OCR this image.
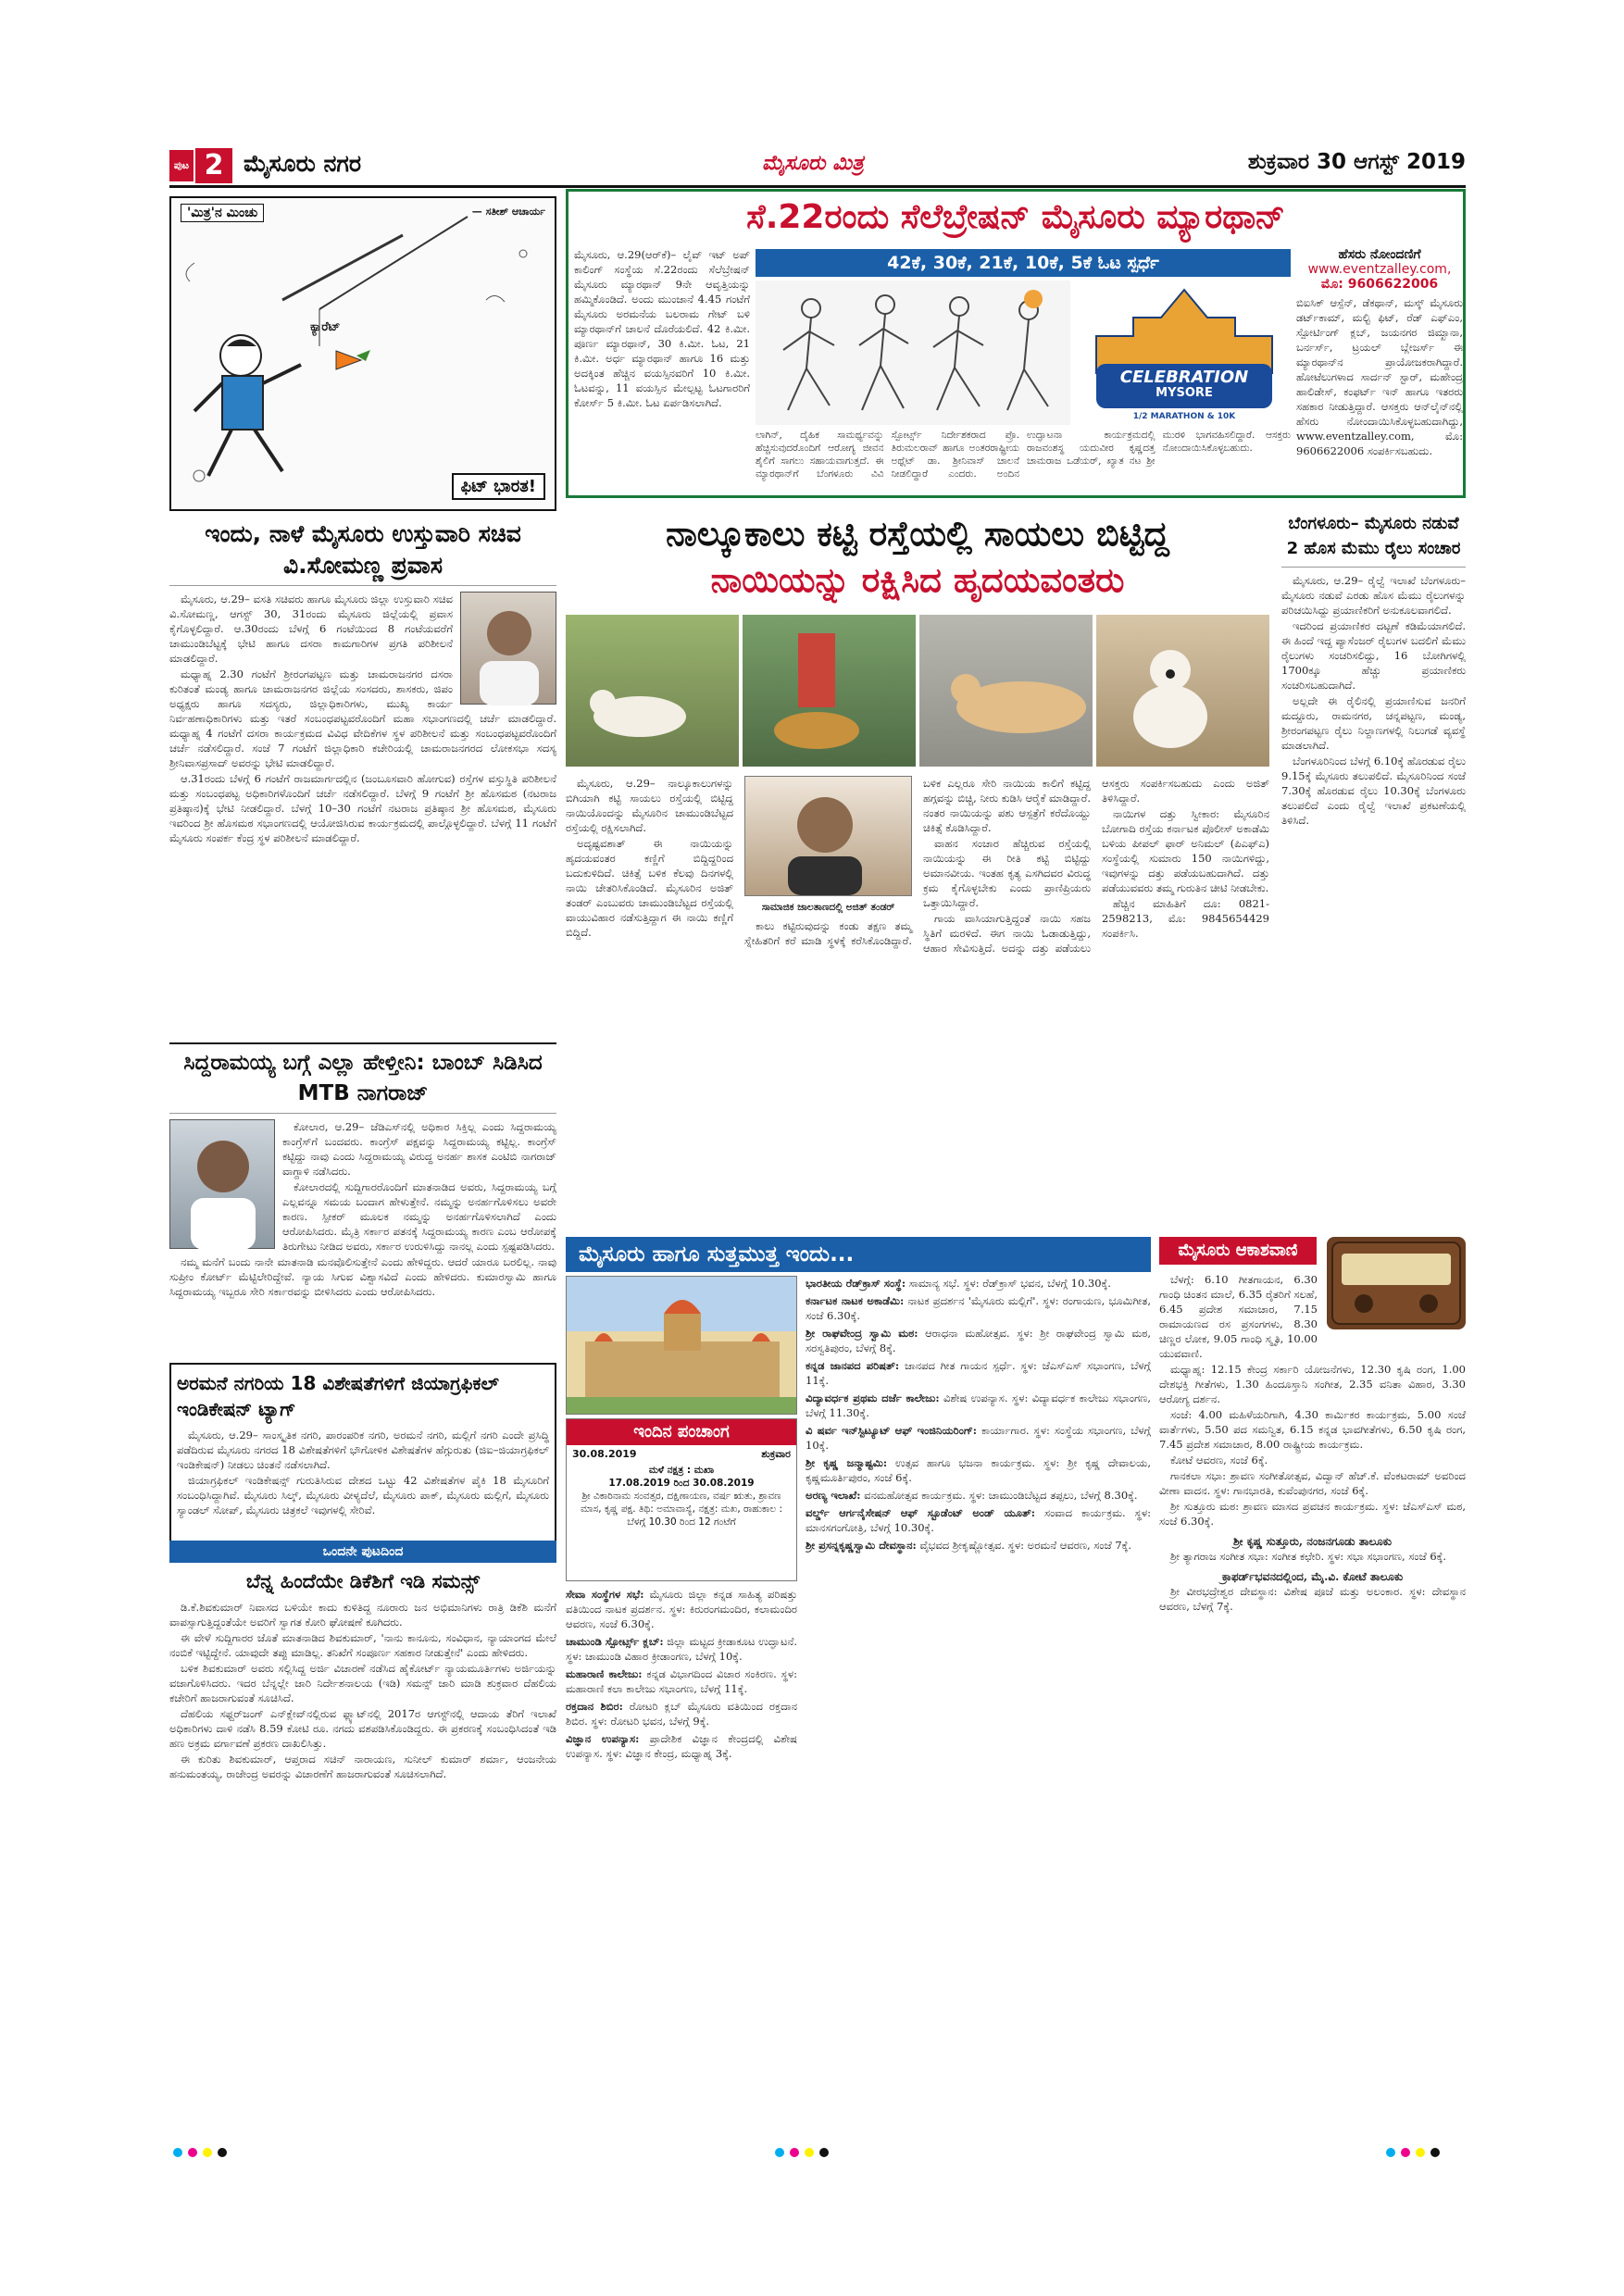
ಪುಟ 2 ಮೈಸೂರು ನಗರ	ಮೈಸೂರು ಮಿತ್ರ	ಶುಕ್ರವಾರ 30 ಆಗಸ್ಟ್ 2019
'ಮಿತ್ರ'ನ ಮಿಂಚು	— ಸತೀಶ್ ಆಚಾರ್ಯ
ಕ್ಯಾರೆಟ್
ಫಿಟ್ ಭಾರತ!
ಇಂದು, ನಾಳೆ ಮೈಸೂರು ಉಸ್ತುವಾರಿ ಸಚಿವ ವಿ.ಸೋಮಣ್ಣ ಪ್ರವಾಸ

ಮೈಸೂರು, ಆ.29– ವಸತಿ ಸಚಿವರು ಹಾಗೂ ಮೈಸೂರು ಜಿಲ್ಲಾ ಉಸ್ತುವಾರಿ ಸಚಿವ ವಿ.ಸೋಮಣ್ಣ, ಆಗಸ್ಟ್ 30, 31ರಂದು ಮೈಸೂರು ಜಿಲ್ಲೆಯಲ್ಲಿ ಪ್ರವಾಸ ಕೈಗೊಳ್ಳಲಿದ್ದಾರೆ. ಆ.30ರಂದು ಬೆಳಗ್ಗೆ 6 ಗಂಟೆಯಿಂದ 8 ಗಂಟೆಯವರೆಗೆ ಚಾಮುಂಡಿಬೆಟ್ಟಕ್ಕೆ ಭೇಟಿ ಹಾಗೂ ದಸರಾ ಕಾಮಗಾರಿಗಳ ಪ್ರಗತಿ ಪರಿಶೀಲನೆ ಮಾಡಲಿದ್ದಾರೆ.

ಮಧ್ಯಾಹ್ನ 2.30 ಗಂಟೆಗೆ ಶ್ರೀರಂಗಪಟ್ಟಣ ಮತ್ತು ಚಾಮರಾಜನಗರ ದಸರಾ ಕುರಿತಂತೆ ಮಂಡ್ಯ ಹಾಗೂ ಚಾಮರಾಜನಗರ ಜಿಲ್ಲೆಯ ಸಂಸದರು, ಶಾಸಕರು, ಜಿಪಂ ಅಧ್ಯಕ್ಷರು ಹಾಗೂ ಸದಸ್ಯರು, ಜಿಲ್ಲಾಧಿಕಾರಿಗಳು, ಮುಖ್ಯ ಕಾರ್ಯ ನಿರ್ವಹಣಾಧಿಕಾರಿಗಳು ಮತ್ತು ಇತರೆ ಸಂಬಂಧಪಟ್ಟವರೊಂದಿಗೆ ಮಹಾ ಸಭಾಂಗಣದಲ್ಲಿ ಚರ್ಚೆ ಮಾಡಲಿದ್ದಾರೆ. ಮಧ್ಯಾಹ್ನ 4 ಗಂಟೆಗೆ ದಸರಾ ಕಾರ್ಯಕ್ರಮದ ವಿವಿಧ ವೇದಿಕೆಗಳ ಸ್ಥಳ ಪರಿಶೀಲನೆ ಮತ್ತು ಸಂಬಂಧಪಟ್ಟವರೊಂದಿಗೆ ಚರ್ಚೆ ನಡೆಸಲಿದ್ದಾರೆ. ಸಂಜೆ 7 ಗಂಟೆಗೆ ಜಿಲ್ಲಾಧಿಕಾರಿ ಕಚೇರಿಯಲ್ಲಿ ಚಾಮರಾಜನಗರದ ಲೋಕಸಭಾ ಸದಸ್ಯ ಶ್ರೀನಿವಾಸಪ್ರಸಾದ್ ಅವರನ್ನು ಭೇಟಿ ಮಾಡಲಿದ್ದಾರೆ.

ಆ.31ರಂದು ಬೆಳಗ್ಗೆ 6 ಗಂಟೆಗೆ ರಾಜಮಾರ್ಗದಲ್ಲಿನ (ಜಂಬೂಸವಾರಿ ಹೋಗುವ) ರಸ್ತೆಗಳ ವಸ್ತುಸ್ಥಿತಿ ಪರಿಶೀಲನೆ ಮತ್ತು ಸಂಬಂಧಪಟ್ಟ ಅಧಿಕಾರಿಗಳೊಂದಿಗೆ ಚರ್ಚೆ ನಡೆಸಲಿದ್ದಾರೆ. ಬೆಳಗ್ಗೆ 9 ಗಂಟೆಗೆ ಶ್ರೀ ಹೊಸಮಠ (ನಟರಾಜ ಪ್ರತಿಷ್ಠಾನ)ಕ್ಕೆ ಭೇಟಿ ನೀಡಲಿದ್ದಾರೆ. ಬೆಳಗ್ಗೆ 10–30 ಗಂಟೆಗೆ ನಟರಾಜ ಪ್ರತಿಷ್ಠಾನ ಶ್ರೀ ಹೊಸಮಠ, ಮೈಸೂರು ಇವರಿಂದ ಶ್ರೀ ಹೊಸಮಠ ಸಭಾಂಗಣದಲ್ಲಿ ಆಯೋಜಿಸಿರುವ ಕಾರ್ಯಕ್ರಮದಲ್ಲಿ ಪಾಲ್ಗೊಳ್ಳಲಿದ್ದಾರೆ. ಬೆಳಗ್ಗೆ 11 ಗಂಟೆಗೆ ಮೈಸೂರು ಸಂಪರ್ಕ ಕೆಂದ್ರ ಸ್ಥಳ ಪರಿಶೀಲನೆ ಮಾಡಲಿದ್ದಾರೆ.

ಸಿದ್ದರಾಮಯ್ಯ ಬಗ್ಗೆ ಎಲ್ಲಾ ಹೇಳ್ತೀನಿ: ಬಾಂಬ್ ಸಿಡಿಸಿದ MTB ನಾಗರಾಜ್

ಕೋಲಾರ, ಆ.29– ಜೆಡಿಎಸ್‌ನಲ್ಲಿ ಅಧಿಕಾರ ಸಿಕ್ತಿಲ್ಲ ಎಂದು ಸಿದ್ದರಾಮಯ್ಯ ಕಾಂಗ್ರೆಸ್‌ಗೆ ಬಂದವರು. ಕಾಂಗ್ರೆಸ್ ಪಕ್ಷವನ್ನು ಸಿದ್ದರಾಮಯ್ಯ ಕಟ್ಟಿಲ್ಲ. ಕಾಂಗ್ರೆಸ್ ಕಟ್ಟಿದ್ದು ನಾವು ಎಂದು ಸಿದ್ದರಾಮಯ್ಯ ವಿರುದ್ಧ ಅನರ್ಹ ಶಾಸಕ ಎಂಟಿಬಿ ನಾಗರಾಜ್ ವಾಗ್ದಾಳಿ ನಡೆಸಿದರು.

ಕೋಲಾರದಲ್ಲಿ ಸುದ್ದಿಗಾರರೊಂದಿಗೆ ಮಾತನಾಡಿದ ಅವರು, ಸಿದ್ದರಾಮಯ್ಯ ಬಗ್ಗೆ ಎಲ್ಲವನ್ನೂ ಸಮಯ ಬಂದಾಗ ಹೇಳುತ್ತೇನೆ. ನಮ್ಮನ್ನು ಅನರ್ಹಗೊಳಿಸಲು ಅವರೇ ಕಾರಣ. ಸ್ಪೀಕರ್ ಮೂಲಕ ನಮ್ಮನ್ನು ಅನರ್ಹಗೊಳಿಸಲಾಗಿದೆ ಎಂದು ಆರೋಪಿಸಿದರು. ಮೈತ್ರಿ ಸರ್ಕಾರ ಪತನಕ್ಕೆ ಸಿದ್ದರಾಮಯ್ಯ ಕಾರಣ ಎಂಬ ಆರೋಪಕ್ಕೆ ತಿರುಗೇಟು ನೀಡಿದ ಅವರು, ಸರ್ಕಾರ ಉರುಳಿಸಿದ್ದು ನಾನಲ್ಲ ಎಂದು ಸ್ಪಷ್ಟಪಡಿಸಿದರು.

ನಮ್ಮ ಮನೆಗೆ ಬಂದು ನಾನೇ ಮಾತನಾಡಿ ಮನವೊಲಿಸುತ್ತೇನೆ ಎಂದು ಹೇಳಿದ್ದರು. ಆದರೆ ಯಾರೂ ಬರಲಿಲ್ಲ. ನಾವು ಸುಪ್ರೀಂ ಕೋರ್ಟ್ ಮೆಟ್ಟಿಲೇರಿದ್ದೇವೆ. ನ್ಯಾಯ ಸಿಗುವ ವಿಶ್ವಾಸವಿದೆ ಎಂದು ಹೇಳಿದರು. ಕುಮಾರಸ್ವಾಮಿ ಹಾಗೂ ಸಿದ್ದರಾಮಯ್ಯ ಇಬ್ಬರೂ ಸೇರಿ ಸರ್ಕಾರವನ್ನು ಬೀಳಿಸಿದರು ಎಂದು ಆರೋಪಿಸಿದರು.

ಅರಮನೆ ನಗರಿಯ 18 ವಿಶೇಷತೆಗಳಿಗೆ ಜಿಯಾಗ್ರಫಿಕಲ್ ಇಂಡಿಕೇಷನ್ ಟ್ಯಾಗ್

ಮೈಸೂರು, ಆ.29– ಸಾಂಸ್ಕೃತಿಕ ನಗರಿ, ಪಾರಂಪರಿಕ ನಗರಿ, ಅರಮನೆ ನಗರಿ, ಮಲ್ಲಿಗೆ ನಗರಿ ಎಂದೇ ಪ್ರಸಿದ್ಧಿ ಪಡೆದಿರುವ ಮೈಸೂರು ನಗರದ 18 ವಿಶೇಷತೆಗಳಿಗೆ ಭೌಗೋಳಿಕ ವಿಶೇಷತೆಗಳ ಹೆಗ್ಗುರುತು (ಜಿಐ–ಜಿಯಾಗ್ರಫಿಕಲ್ ಇಂಡಿಕೇಷನ್) ನೀಡಲು ಚಿಂತನೆ ನಡೆಸಲಾಗಿದೆ.

ಜಿಯಾಗ್ರಫಿಕಲ್ ಇಂಡಿಕೇಷನ್ಸ್ ಗುರುತಿಸಿರುವ ದೇಶದ ಒಟ್ಟು 42 ವಿಶೇಷತೆಗಳ ಪೈಕಿ 18 ಮೈಸೂರಿಗೆ ಸಂಬಂಧಿಸಿದ್ದಾಗಿವೆ. ಮೈಸೂರು ಸಿಲ್ಕ್, ಮೈಸೂರು ವೀಳ್ಯದೆಲೆ, ಮೈಸೂರು ಪಾಕ್, ಮೈಸೂರು ಮಲ್ಲಿಗೆ, ಮೈಸೂರು ಸ್ಯಾಂಡಲ್ ಸೋಪ್, ಮೈಸೂರು ಚಿತ್ರಕಲೆ ಇವುಗಳಲ್ಲಿ ಸೇರಿವೆ.

ಒಂದನೇ ಪುಟದಿಂದ
ಬೆನ್ನ ಹಿಂದೆಯೇ ಡಿಕೆಶಿಗೆ ಇಡಿ ಸಮನ್ಸ್

ಡಿ.ಕೆ.ಶಿವಕುಮಾರ್ ನಿವಾಸದ ಬಳಿಯೇ ಕಾದು ಕುಳಿತಿದ್ದ ನೂರಾರು ಜನ ಅಭಿಮಾನಿಗಳು ರಾತ್ರಿ ಡಿಕೆಶಿ ಮನೆಗೆ ವಾಪಸ್ಸಾಗುತ್ತಿದ್ದಂತೆಯೇ ಅವರಿಗೆ ಸ್ವಾಗತ ಕೋರಿ ಘೋಷಣೆ ಕೂಗಿದರು.

ಈ ವೇಳೆ ಸುದ್ದಿಗಾರರ ಜೊತೆ ಮಾತನಾಡಿದ ಶಿವಕುಮಾರ್, 'ನಾನು ಕಾನೂನು, ಸಂವಿಧಾನ, ನ್ಯಾಯಾಂಗದ ಮೇಲೆ ನಂಬಿಕೆ ಇಟ್ಟಿದ್ದೇನೆ. ಯಾವುದೇ ತಪ್ಪು ಮಾಡಿಲ್ಲ. ತನಿಖೆಗೆ ಸಂಪೂರ್ಣ ಸಹಕಾರ ನೀಡುತ್ತೇನೆ' ಎಂದು ಹೇಳಿದರು.

ಬಳಿಕ ಶಿವಕುಮಾರ್ ಅವರು ಸಲ್ಲಿಸಿದ್ದ ಅರ್ಜಿ ವಿಚಾರಣೆ ನಡೆಸಿದ ಹೈಕೋರ್ಟ್ ನ್ಯಾಯಮೂರ್ತಿಗಳು ಅರ್ಜಿಯನ್ನು ವಜಾಗೊಳಿಸಿದರು. ಇದರ ಬೆನ್ನಲ್ಲೇ ಜಾರಿ ನಿರ್ದೇಶನಾಲಯ (ಇಡಿ) ಸಮನ್ಸ್ ಜಾರಿ ಮಾಡಿ ಶುಕ್ರವಾರ ದೆಹಲಿಯ ಕಚೇರಿಗೆ ಹಾಜರಾಗುವಂತೆ ಸೂಚಿಸಿದೆ.

ದೆಹಲಿಯ ಸಫ್ದರ್‌ಜಂಗ್ ಎನ್‌ಕ್ಲೇವ್‌ನಲ್ಲಿರುವ ಫ್ಲ್ಯಾಟ್‌ನಲ್ಲಿ 2017ರ ಆಗಸ್ಟ್‌ನಲ್ಲಿ ಆದಾಯ ತೆರಿಗೆ ಇಲಾಖೆ ಅಧಿಕಾರಿಗಳು ದಾಳಿ ನಡೆಸಿ 8.59 ಕೋಟಿ ರೂ. ನಗದು ವಶಪಡಿಸಿಕೊಂಡಿದ್ದರು. ಈ ಪ್ರಕರಣಕ್ಕೆ ಸಂಬಂಧಿಸಿದಂತೆ ಇಡಿ ಹಣ ಅಕ್ರಮ ವರ್ಗಾವಣೆ ಪ್ರಕರಣ ದಾಖಲಿಸಿತ್ತು.

ಈ ಕುರಿತು ಶಿವಕುಮಾರ್, ಆಪ್ತರಾದ ಸಚಿನ್ ನಾರಾಯಣ, ಸುನೀಲ್ ಕುಮಾರ್ ಶರ್ಮಾ, ಆಂಜನೇಯ ಹನುಮಂತಯ್ಯ, ರಾಜೇಂದ್ರ ಅವರನ್ನು ವಿಚಾರಣೆಗೆ ಹಾಜರಾಗುವಂತೆ ಸೂಚಿಸಲಾಗಿದೆ.

ಸೆ.22ರಂದು ಸೆಲೆಬ್ರೇಷನ್ ಮೈಸೂರು ಮ್ಯಾರಥಾನ್
ಮೈಸೂರು, ಆ.29(ಆರ್‌ಕೆ)– ಲೈವ್ ಇಟ್ ಅಪ್ ಕಾಲಿಂಗ್ ಸಂಸ್ಥೆಯ ಸೆ.22ರಂದು ಸೆಲೆಬ್ರೇಷನ್ ಮೈಸೂರು ಮ್ಯಾರಥಾನ್ 9ನೇ ಆವೃತ್ತಿಯನ್ನು ಹಮ್ಮಿಕೊಂಡಿದೆ. ಅಂದು ಮುಂಜಾನೆ 4.45 ಗಂಟೆಗೆ ಮೈಸೂರು ಅರಮನೆಯ ಬಲರಾಮ ಗೇಟ್ ಬಳಿ ಮ್ಯಾರಥಾನ್‌ಗೆ ಚಾಲನೆ ದೊರೆಯಲಿದೆ. 42 ಕಿ.ಮೀ. ಪೂರ್ಣ ಮ್ಯಾರಥಾನ್, 30 ಕಿ.ಮೀ. ಓಟ, 21 ಕಿ.ಮೀ. ಅರ್ಧ ಮ್ಯಾರಥಾನ್ ಹಾಗೂ 16 ಮತ್ತು ಅದಕ್ಕಿಂತ ಹೆಚ್ಚಿನ ವಯಸ್ಸಿನವರಿಗೆ 10 ಕಿ.ಮೀ. ಓಟವನ್ನು, 11 ವಯಸ್ಸಿನ ಮೇಲ್ಪಟ್ಟ ಓಟಗಾರರಿಗೆ ಕೋರ್ಸ್ 5 ಕಿ.ಮೀ. ಓಟ ಏರ್ಪಡಿಸಲಾಗಿದೆ.
42ಕೆ, 30ಕೆ, 21ಕೆ, 10ಕೆ, 5ಕೆ ಓಟ ಸ್ಪರ್ಧೆ
CELEBRATION
MYSORE
1/2 MARATHON & 10K
ಲಾಗಿನ್, ದೈಹಿಕ ಸಾಮರ್ಥ್ಯವನ್ನು ಹೆಚ್ಚಿಸುವುದರೊಂದಿಗೆ ಆರೋಗ್ಯ ಜೀವನ ಶೈಲಿಗೆ ಸಾಗಲು ಸಹಾಯವಾಗುತ್ತದೆ. ಈ ಮ್ಯಾರಥಾನ್‌ಗೆ ಬೆಂಗಳೂರು ವಿವಿ ಸ್ಪೋರ್ಟ್ಸ್ ನಿರ್ದೇಶಕರಾದ ಪ್ರೊ. ತಿರುಮಲರಾವ್ ಹಾಗೂ ಅಂತರರಾಷ್ಟ್ರೀಯ ಅಥ್ಲೆಟ್ ಡಾ. ಶ್ರೀನಿವಾಸ್ ಚಾಲನೆ ನೀಡಲಿದ್ದಾರೆ ಎಂದರು. ಅಂದಿನ ಉದ್ಘಾಟನಾ ಕಾರ್ಯಕ್ರಮದಲ್ಲಿ ರಾಜವಂಶಸ್ಥ ಯದುವೀರ ಕೃಷ್ಣದತ್ತ ಚಾಮರಾಜ ಒಡೆಯರ್, ಖ್ಯಾತ ನಟ ಶ್ರೀ ಮುರಳಿ ಭಾಗವಹಿಸಲಿದ್ದಾರೆ. ಆಸಕ್ತರು ನೋಂದಾಯಿಸಿಕೊಳ್ಳಬಹುದು.
ಹೆಸರು ನೋಂದಣಿಗೆ
www.eventzalley.com,
ಮೊ: 9606622006
ಬಿಐಸಿಕ್ ಆಸ್ಪೆನ್, ಡೆಕಥಾನ್, ಮಸ್ಕ್ ಮೈಸೂರು ಡರ್ಟ್‌ಕಾಮ್, ಮಲ್ಟಿ ಫಿಟ್, ರೆಡ್ ಎಫ್ಎಂ, ಸ್ಪೋರ್ಟಿಂಗ್ ಕ್ಲಬ್, ಜಯನಗರ ಜಿಮ್ಖಾನಾ, ಬರ್ನರ್ಸ್, ಟ್ರಯಲ್ ಬ್ಲೇಜರ್ಸ್ ಈ ಮ್ಯಾರಥಾನ್‌ನ ಪ್ರಾಯೋಜಕರಾಗಿದ್ದಾರೆ. ಹೋಟೆಲುಗಳಾದ ಸಾರ್ದನ್ ಸ್ಟಾರ್, ಮಹೇಂದ್ರ ಹಾಲಿಡೇಸ್, ಕಂಫರ್ಟ್ ಇನ್ ಹಾಗೂ ಇತರರು ಸಹಕಾರ ನೀಡುತ್ತಿದ್ದಾರೆ. ಆಸಕ್ತರು ಆನ್‌ಲೈನ್‌ನಲ್ಲಿ ಹೆಸರು ನೋಂದಾಯಿಸಿಕೊಳ್ಳಬಹುದಾಗಿದ್ದು, www.eventzalley.com, ಮೊ: 9606622006 ಸಂಪರ್ಕಿಸಬಹುದು.
ನಾಲ್ಕೂಕಾಲು ಕಟ್ಟಿ ರಸ್ತೆಯಲ್ಲಿ ಸಾಯಲು ಬಿಟ್ಟಿದ್ದ
ನಾಯಿಯನ್ನು ರಕ್ಷಿಸಿದ ಹೃದಯವಂತರು

ಮೈಸೂರು, ಆ.29– ನಾಲ್ಕೂಕಾಲುಗಳನ್ನು ಬಿಗಿಯಾಗಿ ಕಟ್ಟಿ ಸಾಯಲು ರಸ್ತೆಯಲ್ಲಿ ಬಿಟ್ಟಿದ್ದ ನಾಯಿಯೊಂದನ್ನು ಮೈಸೂರಿನ ಚಾಮುಂಡಿಬೆಟ್ಟದ ರಸ್ತೆಯಲ್ಲಿ ರಕ್ಷಿಸಲಾಗಿದೆ.

ಅದೃಷ್ಟವಶಾತ್ ಈ ನಾಯಿಯನ್ನು ಹೃದಯವಂತರ ಕಣ್ಣಿಗೆ ಬಿದ್ದಿದ್ದರಿಂದ ಬದುಕುಳಿದಿದೆ. ಚಿಕಿತ್ಸೆ ಬಳಿಕ ಕೆಲವು ದಿನಗಳಲ್ಲಿ ನಾಯಿ ಚೇತರಿಸಿಕೊಂಡಿದೆ. ಮೈಸೂರಿನ ಅಜಿತ್ ತಂಡರ್ ಎಂಬುವರು ಚಾಮುಂಡಿಬೆಟ್ಟದ ರಸ್ತೆಯಲ್ಲಿ ವಾಯುವಿಹಾರ ನಡೆಸುತ್ತಿದ್ದಾಗ ಈ ನಾಯಿ ಕಣ್ಣಿಗೆ ಬಿದ್ದಿದೆ.

ಸಾಮಾಜಿಕ ಜಾಲತಾಣದಲ್ಲಿ ಅಜಿತ್ ತಂಡರ್

ಕಾಲು ಕಟ್ಟಿರುವುದನ್ನು ಕಂಡು ತಕ್ಷಣ ತಮ್ಮ ಸ್ನೇಹಿತರಿಗೆ ಕರೆ ಮಾಡಿ ಸ್ಥಳಕ್ಕೆ ಕರೆಸಿಕೊಂಡಿದ್ದಾರೆ. ಬಳಿಕ ಎಲ್ಲರೂ ಸೇರಿ ನಾಯಿಯ ಕಾಲಿಗೆ ಕಟ್ಟಿದ್ದ ಹಗ್ಗವನ್ನು ಬಿಚ್ಚಿ, ನೀರು ಕುಡಿಸಿ ಆರೈಕೆ ಮಾಡಿದ್ದಾರೆ. ನಂತರ ನಾಯಿಯನ್ನು ಪಶು ಆಸ್ಪತ್ರೆಗೆ ಕರೆದೊಯ್ದು ಚಿಕಿತ್ಸೆ ಕೊಡಿಸಿದ್ದಾರೆ.

ವಾಹನ ಸಂಚಾರ ಹೆಚ್ಚಿರುವ ರಸ್ತೆಯಲ್ಲಿ ನಾಯಿಯನ್ನು ಈ ರೀತಿ ಕಟ್ಟಿ ಬಿಟ್ಟಿದ್ದು ಅಮಾನವೀಯ. ಇಂತಹ ಕೃತ್ಯ ಎಸಗಿದವರ ವಿರುದ್ಧ ಕ್ರಮ ಕೈಗೊಳ್ಳಬೇಕು ಎಂದು ಪ್ರಾಣಿಪ್ರಿಯರು ಒತ್ತಾಯಿಸಿದ್ದಾರೆ.

ಗಾಯ ವಾಸಿಯಾಗುತ್ತಿದ್ದಂತೆ ನಾಯಿ ಸಹಜ ಸ್ಥಿತಿಗೆ ಮರಳಿದೆ. ಈಗ ನಾಯಿ ಓಡಾಡುತ್ತಿದ್ದು, ಆಹಾರ ಸೇವಿಸುತ್ತಿದೆ. ಅದನ್ನು ದತ್ತು ಪಡೆಯಲು ಆಸಕ್ತರು ಸಂಪರ್ಕಿಸಬಹುದು ಎಂದು ಅಜಿತ್ ತಿಳಿಸಿದ್ದಾರೆ.

ನಾಯಿಗಳ ದತ್ತು ಸ್ವೀಕಾರ: ಮೈಸೂರಿನ ಬೋಗಾದಿ ರಸ್ತೆಯ ಕರ್ನಾಟಕ ಪೊಲೀಸ್ ಅಕಾಡೆಮಿ ಬಳಿಯ ಪೀಪಲ್ ಫಾರ್ ಅನಿಮಲ್ (ಪಿಎಫ್ಎ) ಸಂಸ್ಥೆಯಲ್ಲಿ ಸುಮಾರು 150 ನಾಯಿಗಳಿದ್ದು, ಇವುಗಳನ್ನು ದತ್ತು ಪಡೆಯಬಹುದಾಗಿದೆ. ದತ್ತು ಪಡೆಯುವವರು ತಮ್ಮ ಗುರುತಿನ ಚೀಟಿ ನೀಡಬೇಕು.

ಹೆಚ್ಚಿನ ಮಾಹಿತಿಗೆ ದೂ: 0821-2598213, ಮೊ: 9845654429 ಸಂಪರ್ಕಿಸಿ.

ಬೆಂಗಳೂರು– ಮೈಸೂರು ನಡುವೆ 2 ಹೊಸ ಮೆಮು ರೈಲು ಸಂಚಾರ

ಮೈಸೂರು, ಆ.29– ರೈಲ್ವೆ ಇಲಾಖೆ ಬೆಂಗಳೂರು–ಮೈಸೂರು ನಡುವೆ ಎರಡು ಹೊಸ ಮೆಮು ರೈಲುಗಳನ್ನು ಪರಿಚಯಿಸಿದ್ದು ಪ್ರಯಾಣಿಕರಿಗೆ ಅನುಕೂಲವಾಗಲಿದೆ.

ಇದರಿಂದ ಪ್ರಯಾಣಿಕರ ದಟ್ಟಣೆ ಕಡಿಮೆಯಾಗಲಿದೆ. ಈ ಹಿಂದೆ ಇದ್ದ ಪ್ಯಾಸೆಂಜರ್ ರೈಲುಗಳ ಬದಲಿಗೆ ಮೆಮು ರೈಲುಗಳು ಸಂಚರಿಸಲಿದ್ದು, 16 ಬೋಗಿಗಳಲ್ಲಿ 1700ಕ್ಕೂ ಹೆಚ್ಚು ಪ್ರಯಾಣಿಕರು ಸಂಚರಿಸಬಹುದಾಗಿದೆ.

ಅಲ್ಲದೇ ಈ ರೈಲಿನಲ್ಲಿ ಪ್ರಯಾಣಿಸುವ ಜನರಿಗೆ ಮದ್ದೂರು, ರಾಮನಗರ, ಚನ್ನಪಟ್ಟಣ, ಮಂಡ್ಯ, ಶ್ರೀರಂಗಪಟ್ಟಣ ರೈಲು ನಿಲ್ದಾಣಗಳಲ್ಲಿ ನಿಲುಗಡೆ ವ್ಯವಸ್ಥೆ ಮಾಡಲಾಗಿದೆ.

ಬೆಂಗಳೂರಿನಿಂದ ಬೆಳಗ್ಗೆ 6.10ಕ್ಕೆ ಹೊರಡುವ ರೈಲು 9.15ಕ್ಕೆ ಮೈಸೂರು ತಲುಪಲಿದೆ. ಮೈಸೂರಿನಿಂದ ಸಂಜೆ 7.30ಕ್ಕೆ ಹೊರಡುವ ರೈಲು 10.30ಕ್ಕೆ ಬೆಂಗಳೂರು ತಲುಪಲಿದೆ ಎಂದು ರೈಲ್ವೆ ಇಲಾಖೆ ಪ್ರಕಟಣೆಯಲ್ಲಿ ತಿಳಿಸಿದೆ.

ಮೈಸೂರು ಹಾಗೂ ಸುತ್ತಮುತ್ತ ಇಂದು...
ಇಂದಿನ ಪಂಚಾಂಗ
30.08.2019	ಶುಕ್ರವಾರ
ಮಳೆ ನಕ್ಷತ್ರ : ಮಖಾ
17.08.2019 ರಿಂದ 30.08.2019
ಶ್ರೀ ವಿಕಾರಿನಾಮ ಸಂವತ್ಸರ, ದಕ್ಷಿಣಾಯಣ, ವರ್ಷ ಋತು, ಶ್ರಾವಣ ಮಾಸ, ಕೃಷ್ಣ ಪಕ್ಷ. ತಿಥಿ: ಅಮಾವಾಸ್ಯೆ, ನಕ್ಷತ್ರ: ಮಖ, ರಾಹುಕಾಲ : ಬೆಳಗ್ಗೆ 10.30 ರಿಂದ 12 ಗಂಟೆಗೆ
ಸೇವಾ ಸಂಸ್ಥೆಗಳ ಸಭೆ: ಮೈಸೂರು ಜಿಲ್ಲಾ ಕನ್ನಡ ಸಾಹಿತ್ಯ ಪರಿಷತ್ತು ವತಿಯಿಂದ ನಾಟಕ ಪ್ರದರ್ಶನ. ಸ್ಥಳ: ಕಿರುರಂಗಮಂದಿರ, ಕಲಾಮಂದಿರ ಆವರಣ, ಸಂಜೆ 6.30ಕ್ಕೆ.
ಚಾಮುಂಡಿ ಸ್ಪೋರ್ಟ್ಸ್ ಕ್ಲಬ್: ಜಿಲ್ಲಾ ಮಟ್ಟದ ಕ್ರೀಡಾಕೂಟ ಉದ್ಘಾಟನೆ. ಸ್ಥಳ: ಚಾಮುಂಡಿ ವಿಹಾರ ಕ್ರೀಡಾಂಗಣ, ಬೆಳಗ್ಗೆ 10ಕ್ಕೆ.
ಮಹಾರಾಣಿ ಕಾಲೇಜು: ಕನ್ನಡ ವಿಭಾಗದಿಂದ ವಿಚಾರ ಸಂಕಿರಣ. ಸ್ಥಳ: ಮಹಾರಾಣಿ ಕಲಾ ಕಾಲೇಜು ಸಭಾಂಗಣ, ಬೆಳಗ್ಗೆ 11ಕ್ಕೆ.
ರಕ್ತದಾನ ಶಿಬಿರ: ರೋಟರಿ ಕ್ಲಬ್ ಮೈಸೂರು ವತಿಯಿಂದ ರಕ್ತದಾನ ಶಿಬಿರ. ಸ್ಥಳ: ರೋಟರಿ ಭವನ, ಬೆಳಗ್ಗೆ 9ಕ್ಕೆ.
ವಿಜ್ಞಾನ ಉಪನ್ಯಾಸ: ಪ್ರಾದೇಶಿಕ ವಿಜ್ಞಾನ ಕೇಂದ್ರದಲ್ಲಿ ವಿಶೇಷ ಉಪನ್ಯಾಸ. ಸ್ಥಳ: ವಿಜ್ಞಾನ ಕೇಂದ್ರ, ಮಧ್ಯಾಹ್ನ 3ಕ್ಕೆ.
ಭಾರತೀಯ ರೆಡ್‌ಕ್ರಾಸ್ ಸಂಸ್ಥೆ: ಸಾಮಾನ್ಯ ಸಭೆ. ಸ್ಥಳ: ರೆಡ್‌ಕ್ರಾಸ್ ಭವನ, ಬೆಳಗ್ಗೆ 10.30ಕ್ಕೆ.
ಕರ್ನಾಟಕ ನಾಟಕ ಅಕಾಡೆಮಿ: ನಾಟಕ ಪ್ರದರ್ಶನ 'ಮೈಸೂರು ಮಲ್ಲಿಗೆ'. ಸ್ಥಳ: ರಂಗಾಯಣ, ಭೂಮಿಗೀತ, ಸಂಜೆ 6.30ಕ್ಕೆ.
ಶ್ರೀ ರಾಘವೇಂದ್ರ ಸ್ವಾಮಿ ಮಠ: ಆರಾಧನಾ ಮಹೋತ್ಸವ. ಸ್ಥಳ: ಶ್ರೀ ರಾಘವೇಂದ್ರ ಸ್ವಾಮಿ ಮಠ, ಸರಸ್ವತಿಪುರಂ, ಬೆಳಗ್ಗೆ 8ಕ್ಕೆ.
ಕನ್ನಡ ಜಾನಪದ ಪರಿಷತ್: ಜಾನಪದ ಗೀತ ಗಾಯನ ಸ್ಪರ್ಧೆ. ಸ್ಥಳ: ಜೆಎಸ್ಎಸ್ ಸಭಾಂಗಣ, ಬೆಳಗ್ಗೆ 11ಕ್ಕೆ.
ವಿದ್ಯಾವರ್ಧಕ ಪ್ರಥಮ ದರ್ಜೆ ಕಾಲೇಜು: ವಿಶೇಷ ಉಪನ್ಯಾಸ. ಸ್ಥಳ: ವಿದ್ಯಾವರ್ಧಕ ಕಾಲೇಜು ಸಭಾಂಗಣ, ಬೆಳಗ್ಗೆ 11.30ಕ್ಕೆ.
ವಿ ಷರ್ವ ಇನ್‌ಸ್ಟಿಟ್ಯೂಟ್ ಆಫ್ ಇಂಜಿನಿಯರಿಂಗ್: ಕಾರ್ಯಾಗಾರ. ಸ್ಥಳ: ಸಂಸ್ಥೆಯ ಸಭಾಂಗಣ, ಬೆಳಗ್ಗೆ 10ಕ್ಕೆ.
ಶ್ರೀ ಕೃಷ್ಣ ಜನ್ಮಾಷ್ಟಮಿ: ಉತ್ಸವ ಹಾಗೂ ಭಜನಾ ಕಾರ್ಯಕ್ರಮ. ಸ್ಥಳ: ಶ್ರೀ ಕೃಷ್ಣ ದೇವಾಲಯ, ಕೃಷ್ಣಮೂರ್ತಿಪುರಂ, ಸಂಜೆ 6ಕ್ಕೆ.
ಅರಣ್ಯ ಇಲಾಖೆ: ವನಮಹೋತ್ಸವ ಕಾರ್ಯಕ್ರಮ. ಸ್ಥಳ: ಚಾಮುಂಡಿಬೆಟ್ಟದ ತಪ್ಪಲು, ಬೆಳಗ್ಗೆ 8.30ಕ್ಕೆ.
ವರ್ಲ್ಡ್ ಆರ್ಗನೈಸೇಷನ್ ಆಫ್ ಸ್ಟೂಡೆಂಟ್ ಅಂಡ್ ಯೂತ್: ಸಂವಾದ ಕಾರ್ಯಕ್ರಮ. ಸ್ಥಳ: ಮಾನಸಗಂಗೋತ್ರಿ, ಬೆಳಗ್ಗೆ 10.30ಕ್ಕೆ.
ಶ್ರೀ ಪ್ರಸನ್ನಕೃಷ್ಣಸ್ವಾಮಿ ದೇವಸ್ಥಾನ: ವೈಭವದ ಶ್ರೀಕೃಷ್ಣೋತ್ಸವ. ಸ್ಥಳ: ಅರಮನೆ ಆವರಣ, ಸಂಜೆ 7ಕ್ಕೆ.
ಮೈಸೂರು ಆಕಾಶವಾಣಿ

ಬೆಳಗ್ಗೆ: 6.10 ಗೀತಗಾಯನ, 6.30 ಗಾಂಧಿ ಚಿಂತನ ಮಾಲೆ, 6.35 ರೈತರಿಗೆ ಸಲಹೆ, 6.45 ಪ್ರದೇಶ ಸಮಾಚಾರ, 7.15 ರಾಮಾಯಣದ ರಸ ಪ್ರಸಂಗಗಳು, 8.30 ಚಿಣ್ಣರ ಲೋಕ, 9.05 ಗಾಂಧಿ ಸ್ಮೃತಿ, 10.00 ಯುವವಾಣಿ.

ಮಧ್ಯಾಹ್ನ: 12.15 ಕೇಂದ್ರ ಸರ್ಕಾರಿ ಯೋಜನೆಗಳು, 12.30 ಕೃಷಿ ರಂಗ, 1.00 ದೇಶಭಕ್ತಿ ಗೀತೆಗಳು, 1.30 ಹಿಂದೂಸ್ತಾನಿ ಸಂಗೀತ, 2.35 ವನಿತಾ ವಿಹಾರ, 3.30 ಆರೋಗ್ಯ ದರ್ಶನ.

ಸಂಜೆ: 4.00 ಮಹಿಳೆಯರಿಗಾಗಿ, 4.30 ಕಾರ್ಮಿಕರ ಕಾರ್ಯಕ್ರಮ, 5.00 ಸಂಜೆ ವಾರ್ತೆಗಳು, 5.50 ಪದ ಸಮನ್ವಿತ, 6.15 ಕನ್ನಡ ಭಾವಗೀತೆಗಳು, 6.50 ಕೃಷಿ ರಂಗ, 7.45 ಪ್ರದೇಶ ಸಮಾಚಾರ, 8.00 ರಾಷ್ಟ್ರೀಯ ಕಾರ್ಯಕ್ರಮ.

ಕೋಟೆ ಆವರಣ, ಸಂಜೆ 6ಕ್ಕೆ.

ಗಾನಕಲಾ ಸಭಾ: ಶ್ರಾವಣ ಸಂಗೀತೋತ್ಸವ, ವಿದ್ವಾನ್ ಹೆಚ್.ಕೆ. ವೆಂಕಟರಾಮ್ ಅವರಿಂದ ವೀಣಾ ವಾದನ. ಸ್ಥಳ: ಗಾನಭಾರತಿ, ಕುವೆಂಪುನಗರ, ಸಂಜೆ 6ಕ್ಕೆ.

ಶ್ರೀ ಸುತ್ತೂರು ಮಠ: ಶ್ರಾವಣ ಮಾಸದ ಪ್ರವಚನ ಕಾರ್ಯಕ್ರಮ. ಸ್ಥಳ: ಜೆಎಸ್ಎಸ್ ಮಠ, ಸಂಜೆ 6.30ಕ್ಕೆ.

ಶ್ರೀ ಕೃಷ್ಣ ಸುತ್ತೂರು, ನಂಜನಗೂಡು ತಾಲೂಕು

ಶ್ರೀ ತ್ಯಾಗರಾಜ ಸಂಗೀತ ಸಭಾ: ಸಂಗೀತ ಕಛೇರಿ. ಸ್ಥಳ: ಸಭಾ ಸಭಾಂಗಣ, ಸಂಜೆ 6ಕ್ಕೆ.

ಕ್ರಾಫರ್ಡ್‌ಭವನದಲ್ಲಿಂದ, ಮೈ.ವಿ. ಕೋಟೆ ತಾಲೂಕು

ಶ್ರೀ ವೀರಭದ್ರೇಶ್ವರ ದೇವಸ್ಥಾನ: ವಿಶೇಷ ಪೂಜೆ ಮತ್ತು ಅಲಂಕಾರ. ಸ್ಥಳ: ದೇವಸ್ಥಾನ ಆವರಣ, ಬೆಳಗ್ಗೆ 7ಕ್ಕೆ.
